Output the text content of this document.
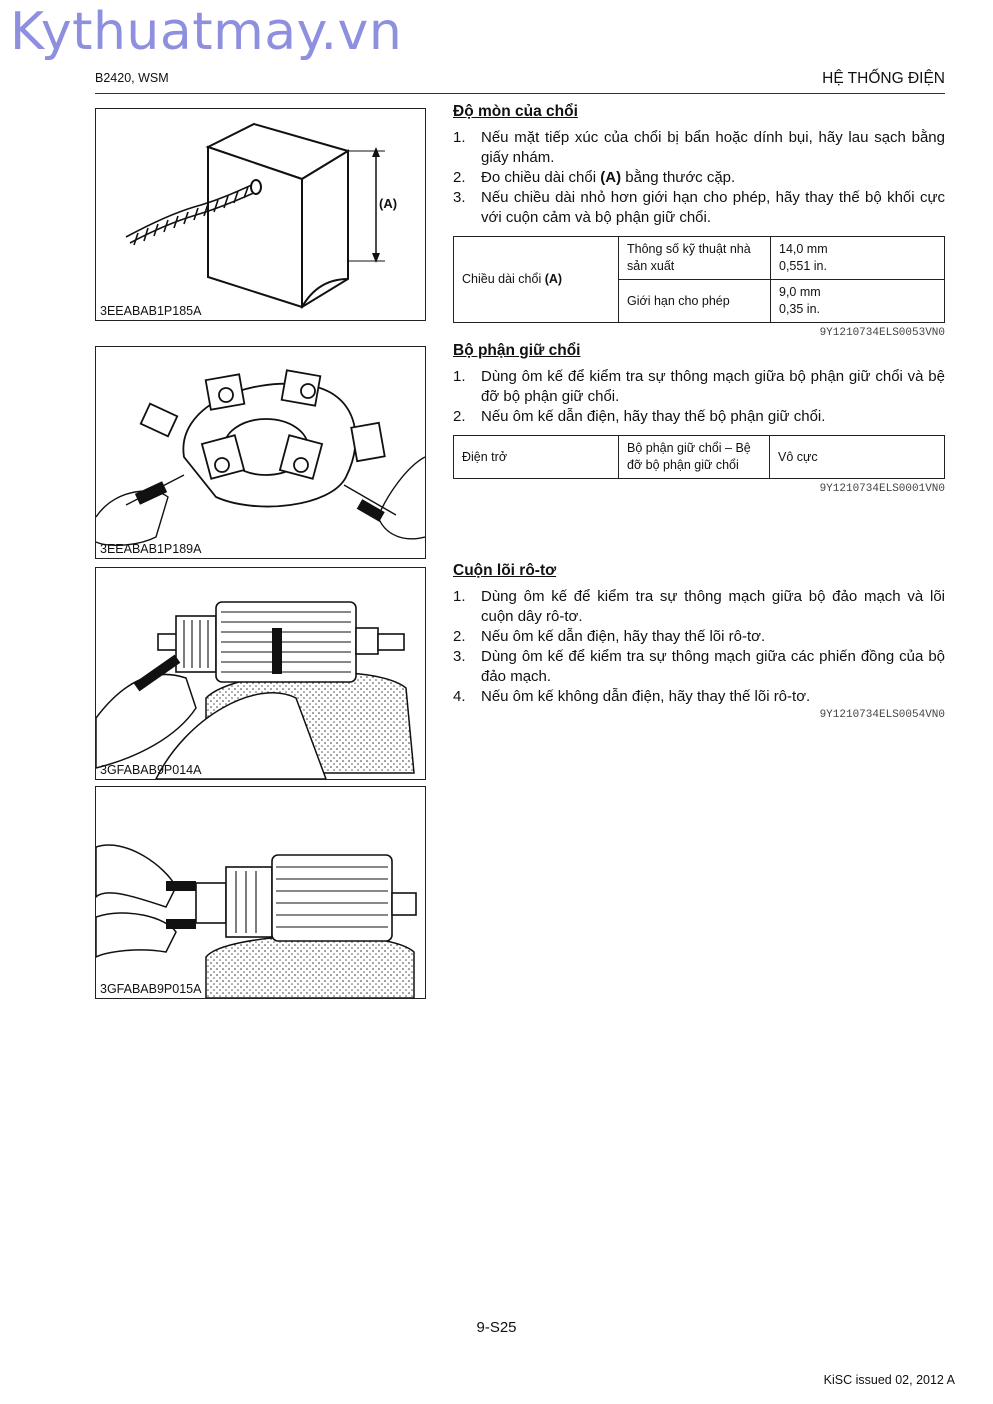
Kythuatmay.vn
B2420, WSM	HỆ THỐNG ĐIỆN
(A)
3EEABAB1P185A
3EEABAB1P189A
3GFABAB9P014A
3GFABAB9P015A
Độ mòn của chổi
1. Nếu mặt tiếp xúc của chổi bị bẩn hoặc dính bụi, hãy lau sạch bằng giấy nhám.
2. Đo chiều dài chổi (A) bằng thước cặp.
3. Nếu chiều dài nhỏ hơn giới hạn cho phép, hãy thay thế bộ khối cực với cuộn cảm và bộ phận giữ chổi.
Chiều dài chổi (A)	Thông số kỹ thuật nhà sản xuất	14,0 mm
0,551 in.

	Giới hạn cho phép	9,0 mm
0,35 in.
9Y1210734ELS0053VN0
Bộ phận giữ chổi
1. Dùng ôm kế để kiểm tra sự thông mạch giữa bộ phận giữ chổi và bệ đỡ bộ phận giữ chổi.
2. Nếu ôm kế dẫn điện, hãy thay thế bộ phận giữ chổi.
Điện trở	Bộ phận giữ chổi – Bệ đỡ bộ phận giữ chổi	Vô cực
9Y1210734ELS0001VN0
Cuộn lõi rô-tơ
1. Dùng ôm kế để kiểm tra sự thông mạch giữa bộ đảo mạch và lõi cuộn dây rô-tơ.
2. Nếu ôm kế dẫn điện, hãy thay thế lõi rô-tơ.
3. Dùng ôm kế để kiểm tra sự thông mạch giữa các phiến đồng của bộ đảo mạch.
4. Nếu ôm kế không dẫn điện, hãy thay thế lõi rô-tơ.
9Y1210734ELS0054VN0
9-S25
KiSC issued 02, 2012 A
